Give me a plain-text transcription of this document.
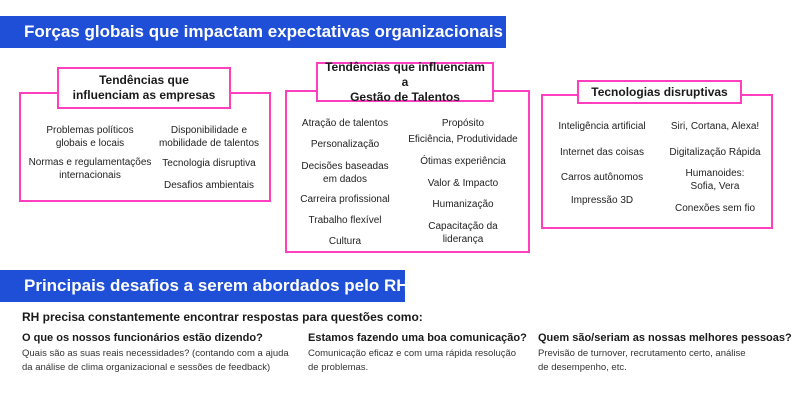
Forças globais que impactam expectativas organizacionais
Tendências que
influenciam as empresas
Problemas políticos
globais e locais
Normas e regulamentações
internacionais
Disponibilidade e
mobilidade de talentos
Tecnologia disruptiva
Desafios ambientais
Tendências que influenciam a
Gestão de Talentos
Atração de talentos
Personalização
Decisões baseadas
em dados
Carreira profissional
Trabalho flexível
Cultura
Propósito
Eficiência, Produtividade
Ótimas experiência
Valor & Impacto
Humanização
Capacitação da
liderança
Tecnologias disruptivas
Inteligência artificial
Internet das coisas
Carros autônomos
Impressão 3D
Siri, Cortana, Alexa!
Digitalização Rápida
Humanoides:
Sofia, Vera
Conexões sem fio
Principais desafios a serem abordados pelo RH
RH precisa constantemente encontrar respostas para questões como:
O que os nossos funcionários estão dizendo?
Quais são as suas reais necessidades? (contando com a ajuda
da análise de clima organizacional e sessões de feedback)
Estamos fazendo uma boa comunicação?
Comunicação eficaz e com uma rápida resolução
de problemas.
Quem são/seriam as nossas melhores pessoas?
Previsão de turnover, recrutamento certo, análise
de desempenho, etc.
